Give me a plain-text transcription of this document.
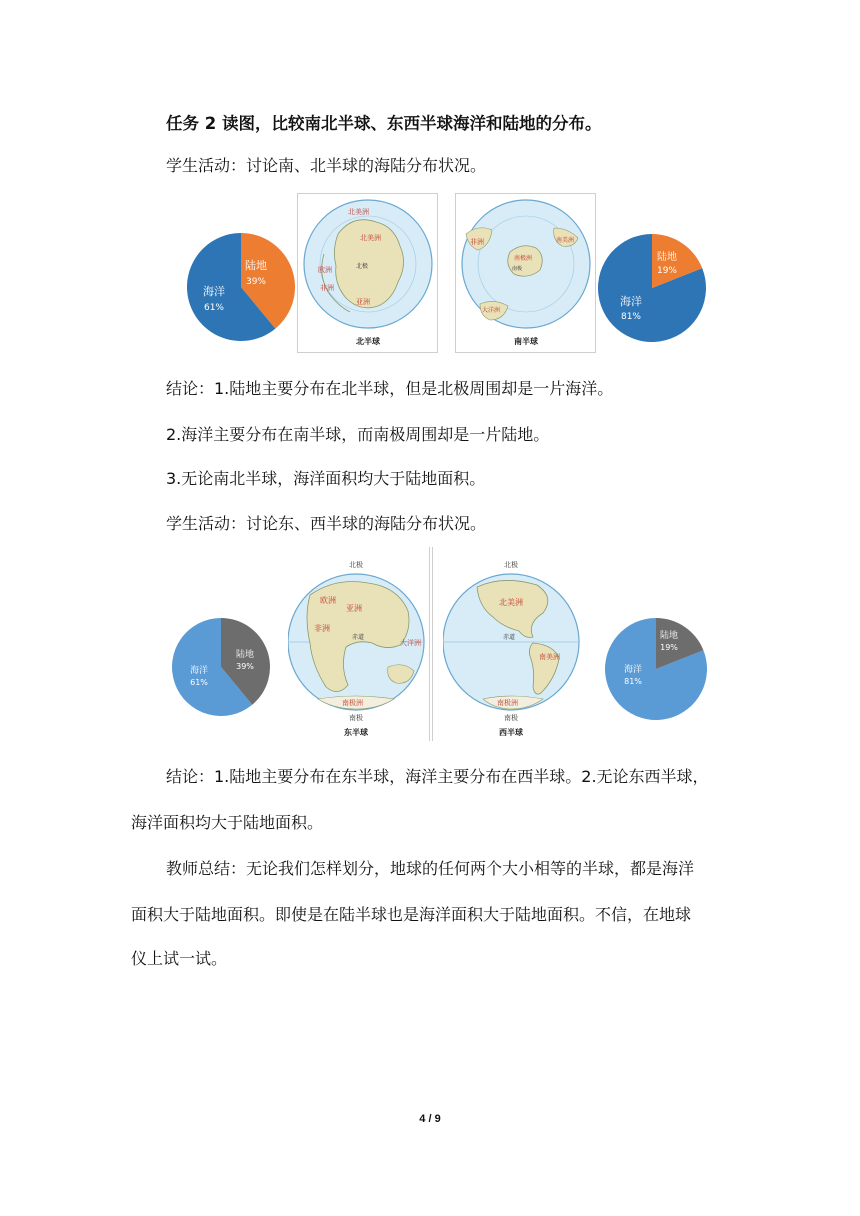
任务 2 读图，比较南北半球、东西半球海洋和陆地的分布。
学生活动：讨论南、北半球的海陆分布状况。
陆地
39%
海洋
61%
北美洲
北美洲
欧洲
亚洲
非洲
北极
北半球
非洲	南美洲
大洋洲
南极洲
南极
南半球
陆地
19%
海洋
81%
结论：1.陆地主要分布在北半球，但是北极周围却是一片海洋。
2.海洋主要分布在南半球，而南极周围却是一片陆地。
3.无论南北半球，海洋面积均大于陆地面积。
学生活动：讨论东、西半球的海陆分布状况。
陆地
39%
海洋
61%
北极
赤道
欧洲
亚洲
非洲
大洋洲
南极洲
南极
东半球
北极
赤道
北美洲
南美洲
南极洲
南极
西半球
陆地
19%
海洋
81%
结论：1.陆地主要分布在东半球，海洋主要分布在西半球。2.无论东西半球，
海洋面积均大于陆地面积。
教师总结：无论我们怎样划分，地球的任何两个大小相等的半球，都是海洋
面积大于陆地面积。即使是在陆半球也是海洋面积大于陆地面积。不信，在地球
仪上试一试。
4 / 9
